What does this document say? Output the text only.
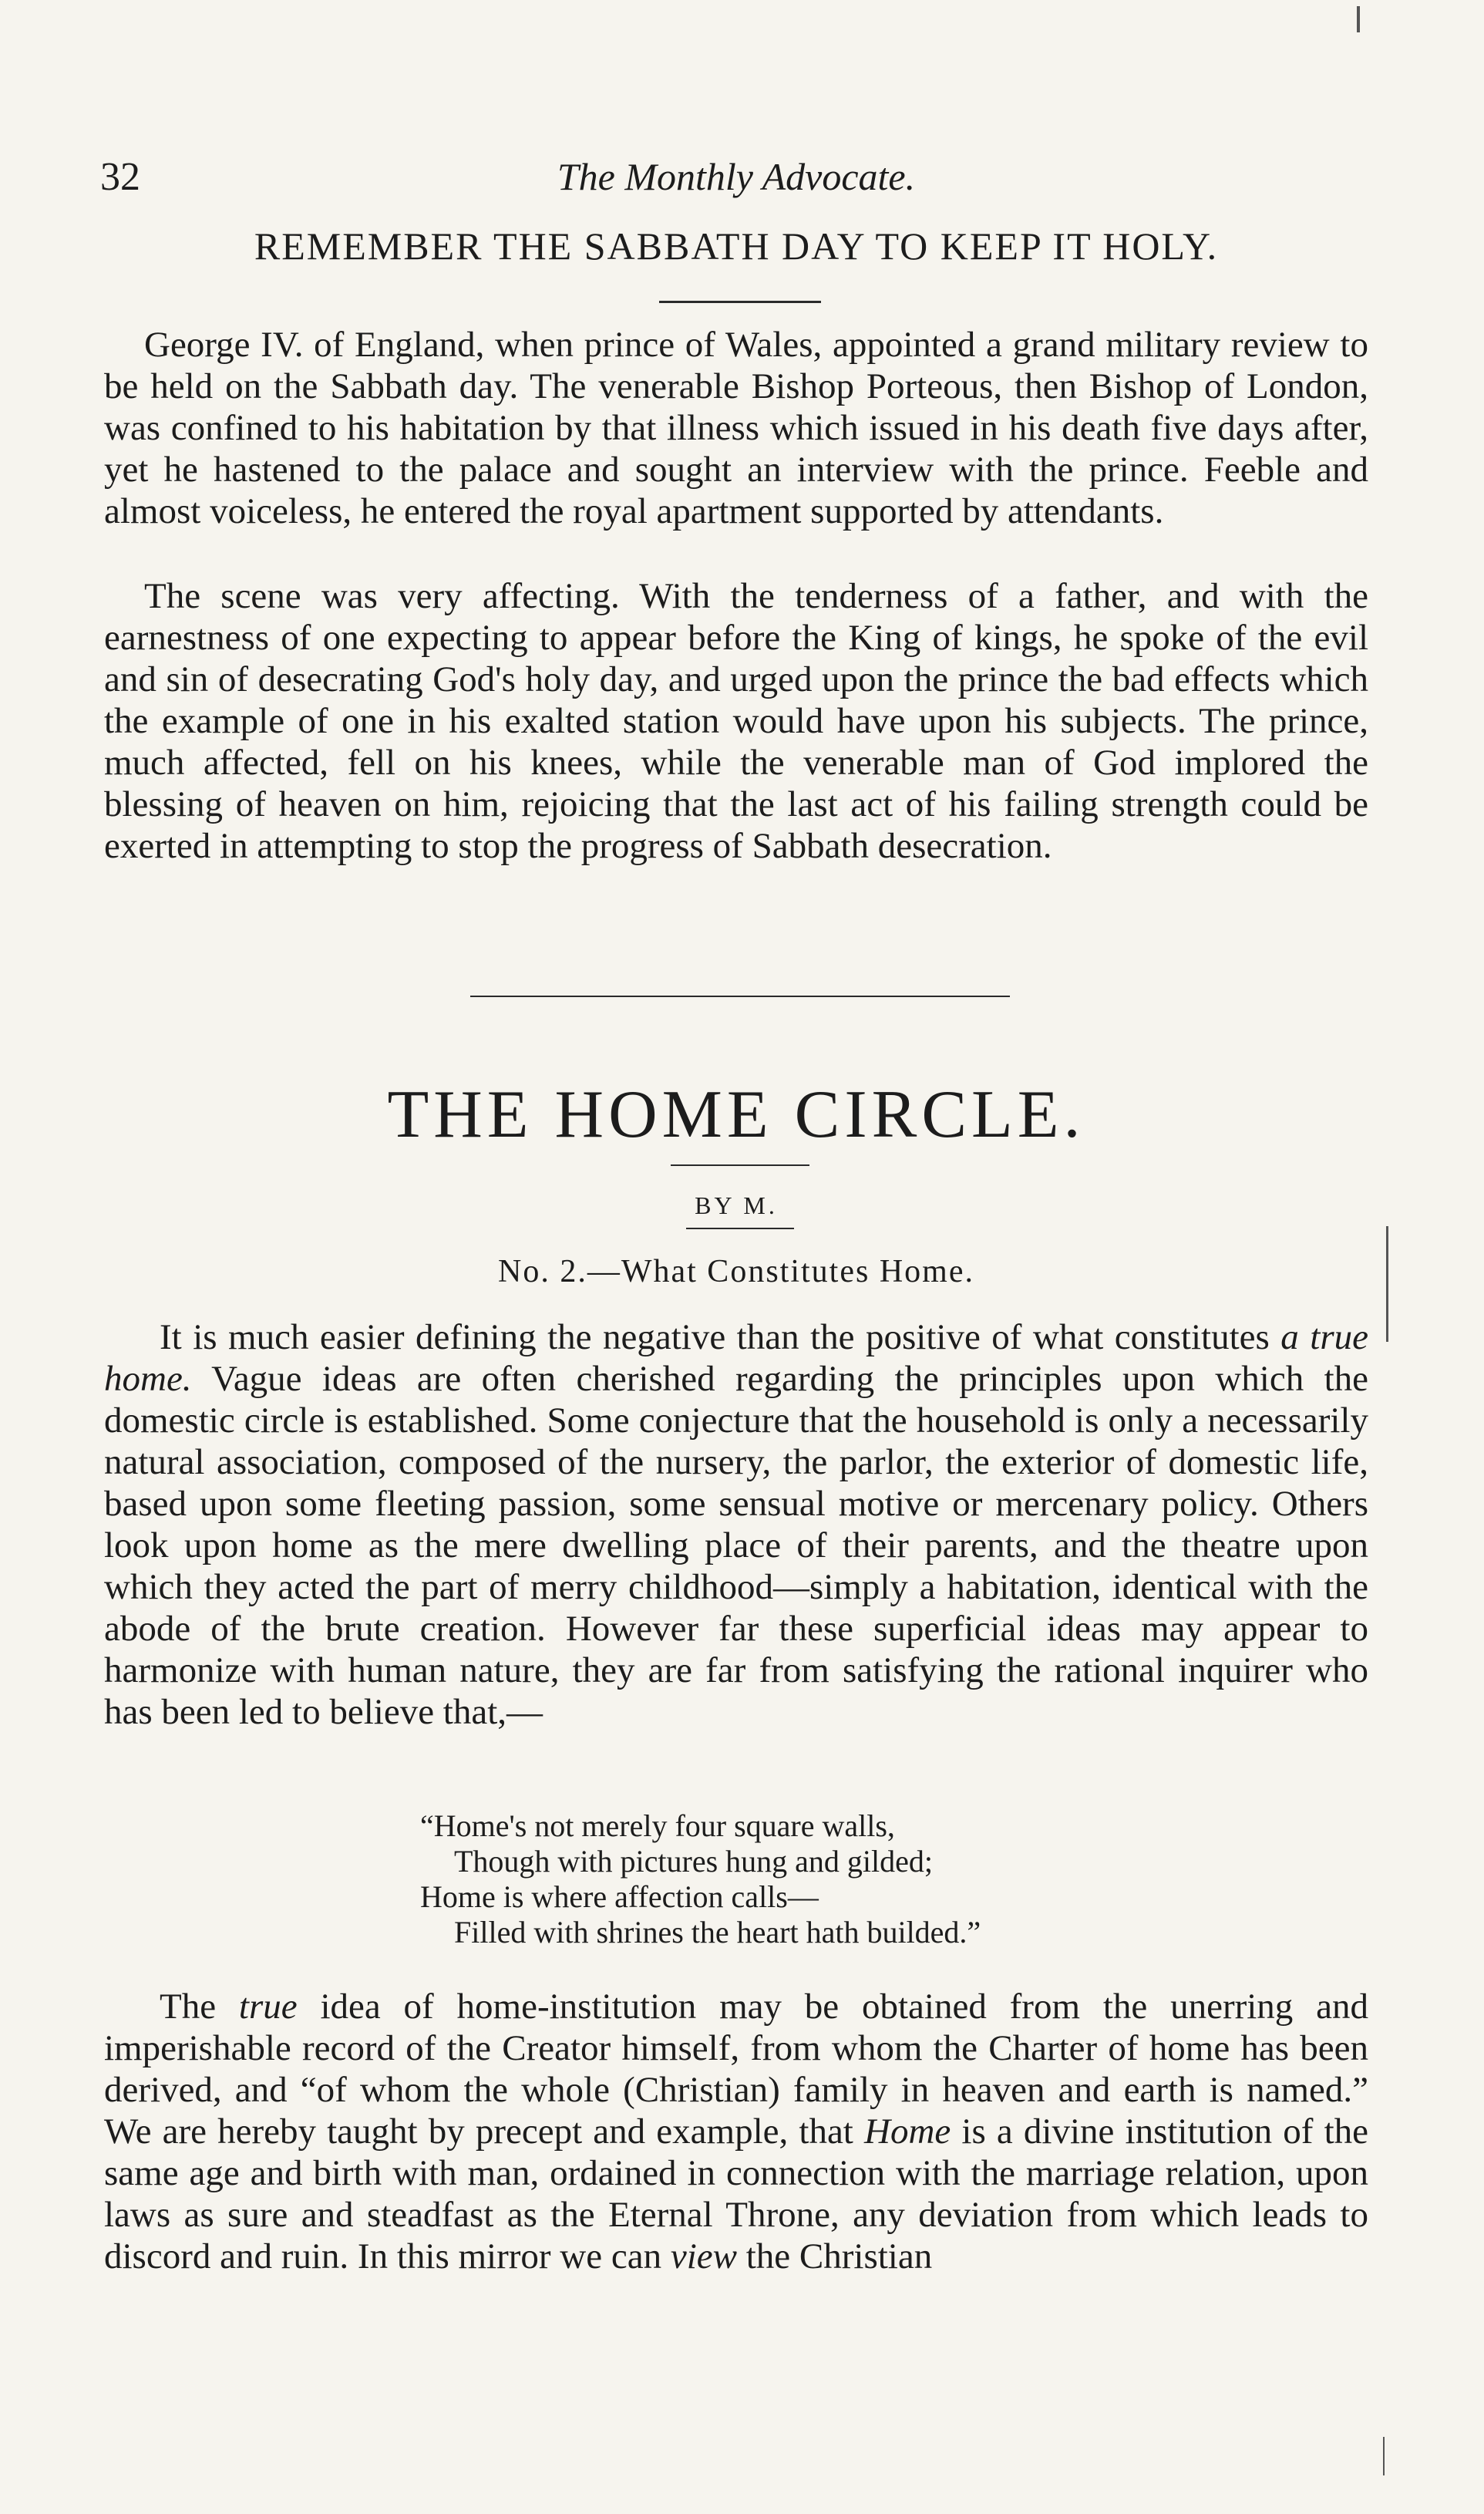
32	The Monthly Advocate.
REMEMBER THE SABBATH DAY TO KEEP IT HOLY.

George IV. of England, when prince of Wales, appointed a grand military review to be held on the Sabbath day. The venerable Bishop Porteous, then Bishop of London, was confined to his habitation by that illness which issued in his death five days after, yet he hastened to the palace and sought an interview with the prince. Feeble and almost voiceless, he entered the royal apartment supported by attendants.

The scene was very affecting. With the tenderness of a father, and with the earnestness of one expecting to appear before the King of kings, he spoke of the evil and sin of desecrating God's holy day, and urged upon the prince the bad effects which the example of one in his exalted station would have upon his subjects. The prince, much affected, fell on his knees, while the venerable man of God implored the blessing of heaven on him, rejoicing that the last act of his failing strength could be exerted in attempting to stop the progress of Sabbath desecration.

THE HOME CIRCLE.
BY M.
No. 2.—What Constitutes Home.

It is much easier defining the negative than the positive of what constitutes a true home. Vague ideas are often cherished regarding the principles upon which the domestic circle is established. Some conjecture that the household is only a necessarily natural association, composed of the nursery, the parlor, the exterior of domestic life, based upon some fleeting passion, some sensual motive or mercenary policy. Others look upon home as the mere dwelling place of their parents, and the theatre upon which they acted the part of merry childhood—simply a habitation, identical with the abode of the brute creation. However far these superficial ideas may appear to harmonize with human nature, they are far from satisfying the rational inquirer who has been led to believe that,—

“Home's not merely four square walls,
Though with pictures hung and gilded;
Home is where affection calls—
Filled with shrines the heart hath builded.”

The true idea of home-institution may be obtained from the unerring and imperishable record of the Creator himself, from whom the Charter of home has been derived, and “of whom the whole (Christian) family in heaven and earth is named.” We are hereby taught by precept and example, that Home is a divine institution of the same age and birth with man, ordained in connection with the marriage relation, upon laws as sure and steadfast as the Eternal Throne, any deviation from which leads to discord and ruin. In this mirror we can view the Christian
